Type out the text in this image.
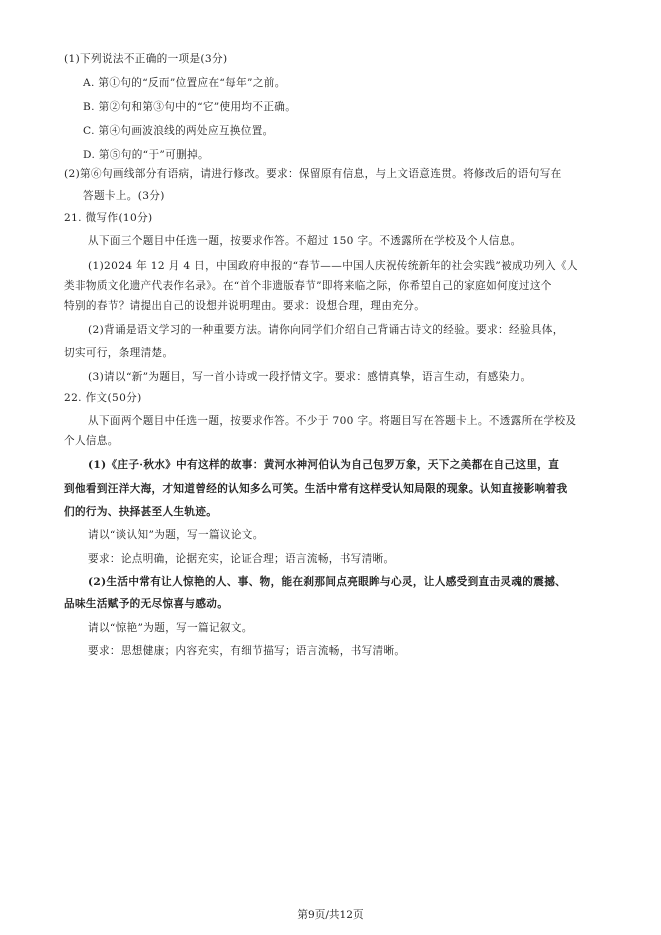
(1)下列说法不正确的一项是(3分)
A. 第①句的“反而”位置应在“每年”之前。
B. 第②句和第③句中的“它”使用均不正确。
C. 第④句画波浪线的两处应互换位置。
D. 第⑤句的“于”可删掉。
(2)第⑥句画线部分有语病，请进行修改。要求：保留原有信息，与上文语意连贯。将修改后的语句写在
答题卡上。(3分)
21. 微写作(10分)
从下面三个题目中任选一题，按要求作答。不超过 150 字。不透露所在学校及个人信息。
(1)2024 年 12 月 4 日，中国政府申报的“春节——中国人庆祝传统新年的社会实践”被成功列入《人
类非物质文化遗产代表作名录》。在“首个非遗版春节”即将来临之际，你希望自己的家庭如何度过这个
特别的春节？请提出自己的设想并说明理由。要求：设想合理，理由充分。
(2)背诵是语文学习的一种重要方法。请你向同学们介绍自己背诵古诗文的经验。要求：经验具体，
切实可行，条理清楚。
(3)请以“新”为题目，写一首小诗或一段抒情文字。要求：感情真挚，语言生动，有感染力。
22. 作文(50分)
从下面两个题目中任选一题，按要求作答。不少于 700 字。将题目写在答题卡上。不透露所在学校及
个人信息。
(1)《庄子·秋水》中有这样的故事：黄河水神河伯认为自己包罗万象，天下之美都在自己这里，直
到他看到汪洋大海，才知道曾经的认知多么可笑。生活中常有这样受认知局限的现象。认知直接影响着我
们的行为、抉择甚至人生轨迹。
请以“谈认知”为题，写一篇议论文。
要求：论点明确，论据充实，论证合理；语言流畅，书写清晰。
(2)生活中常有让人惊艳的人、事、物，能在刹那间点亮眼眸与心灵，让人感受到直击灵魂的震撼、
品味生活赋予的无尽惊喜与感动。
请以“惊艳”为题，写一篇记叙文。
要求：思想健康；内容充实，有细节描写；语言流畅，书写清晰。
第9页/共12页
